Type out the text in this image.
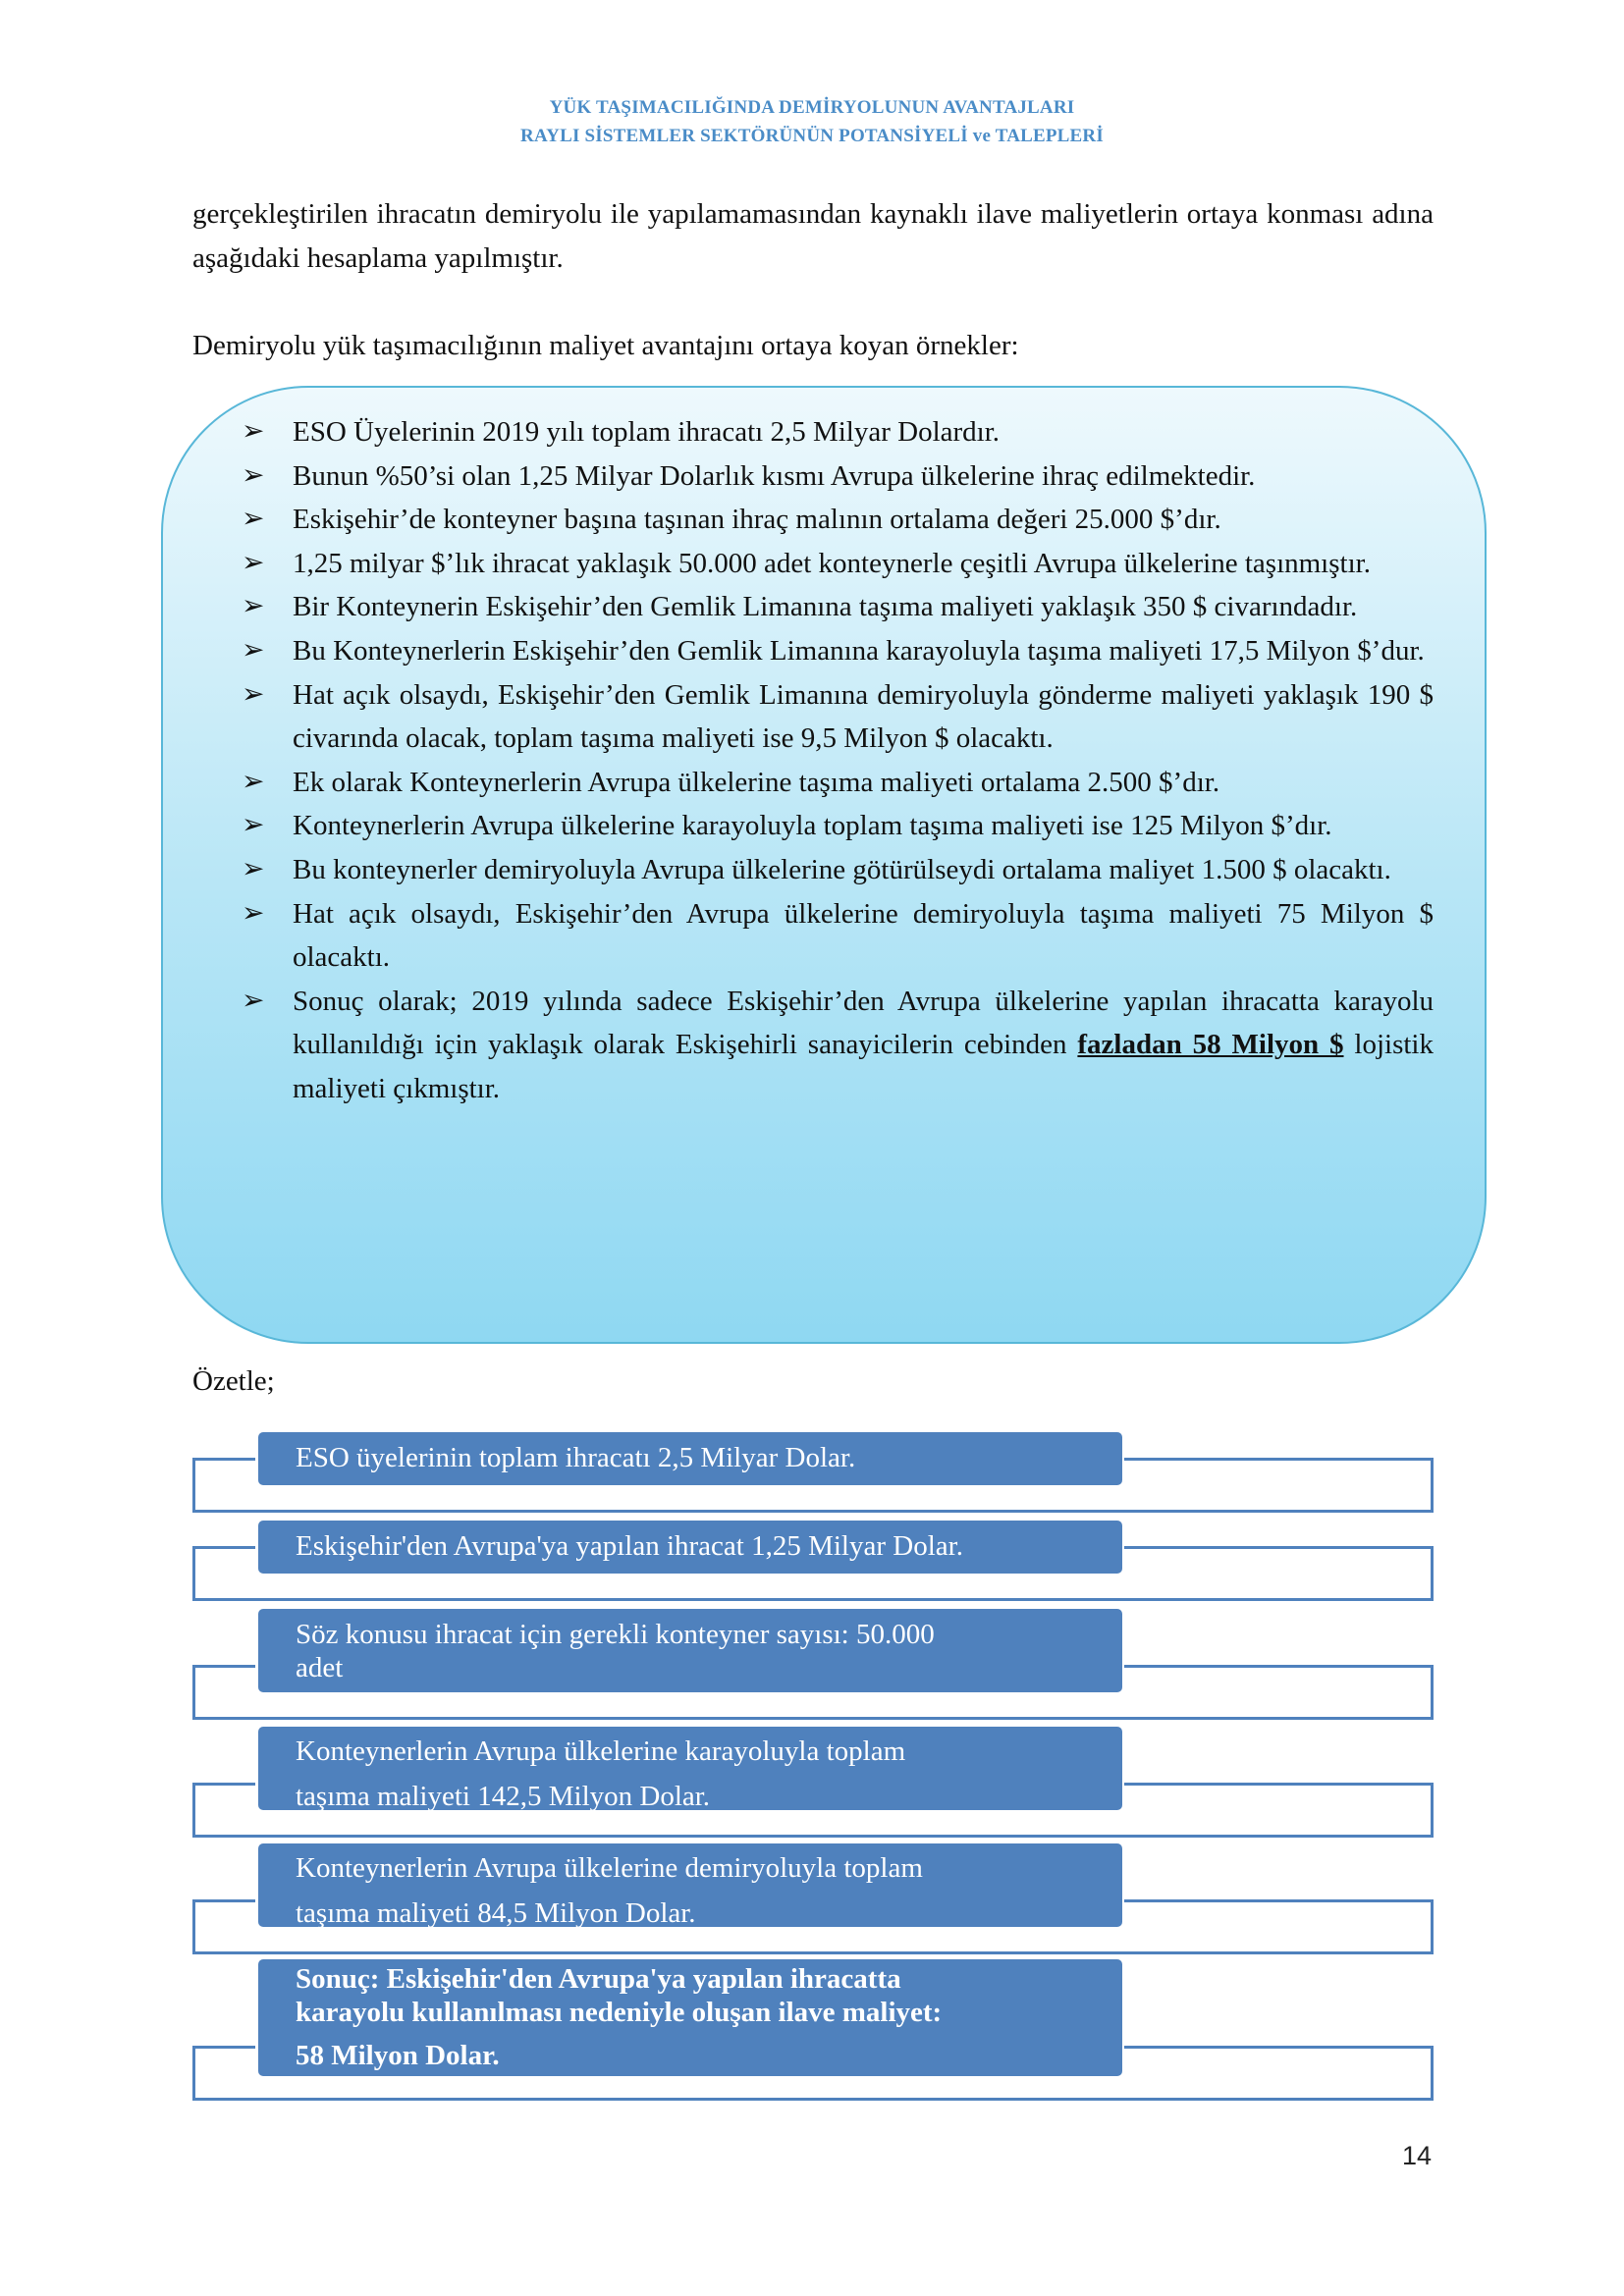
YÜK TAŞIMACILIĞINDA DEMİRYOLUNUN AVANTAJLARI
RAYLI SİSTEMLER SEKTÖRÜNÜN POTANSİYELİ ve TALEPLERİ
gerçekleştirilen ihracatın demiryolu ile yapılamamasından kaynaklı ilave maliyetlerin ortaya konması adına aşağıdaki hesaplama yapılmıştır.
Demiryolu yük taşımacılığının maliyet avantajını ortaya koyan örnekler:
➢ ESO Üyelerinin 2019 yılı toplam ihracatı 2,5 Milyar Dolardır.
➢ Bunun %50’si olan 1,25 Milyar Dolarlık kısmı Avrupa ülkelerine ihraç edilmektedir.
➢ Eskişehir’de konteyner başına taşınan ihraç malının ortalama değeri 25.000 $’dır.
➢ 1,25 milyar $’lık ihracat yaklaşık 50.000 adet konteynerle çeşitli Avrupa ülkelerine taşınmıştır.
➢ Bir Konteynerin Eskişehir’den Gemlik Limanına taşıma maliyeti yaklaşık 350 $ civarındadır.
➢ Bu Konteynerlerin Eskişehir’den Gemlik Limanına karayoluyla taşıma maliyeti 17,5 Milyon $’dur.
➢ Hat açık olsaydı, Eskişehir’den Gemlik Limanına demiryoluyla gönderme maliyeti yaklaşık 190 $ civarında olacak, toplam taşıma maliyeti ise 9,5 Milyon $ olacaktı.
➢ Ek olarak Konteynerlerin Avrupa ülkelerine taşıma maliyeti ortalama 2.500 $’dır.
➢ Konteynerlerin Avrupa ülkelerine karayoluyla toplam taşıma maliyeti ise 125 Milyon $’dır.
➢ Bu konteynerler demiryoluyla Avrupa ülkelerine götürülseydi ortalama maliyet 1.500 $ olacaktı.
➢ Hat açık olsaydı, Eskişehir’den Avrupa ülkelerine demiryoluyla taşıma maliyeti 75 Milyon $ olacaktı.
➢ Sonuç olarak; 2019 yılında sadece Eskişehir’den Avrupa ülkelerine yapılan ihracatta karayolu kullanıldığı için yaklaşık olarak Eskişehirli sanayicilerin cebinden fazladan 58 Milyon $ lojistik maliyeti çıkmıştır.
Özetle;
ESO üyelerinin toplam ihracatı 2,5 Milyar Dolar.
Eskişehir'den Avrupa'ya yapılan ihracat 1,25 Milyar Dolar.
Söz konusu ihracat için gerekli konteyner sayısı: 50.000
adet
Konteynerlerin Avrupa ülkelerine karayoluyla toplam
taşıma maliyeti 142,5 Milyon Dolar.
Konteynerlerin Avrupa ülkelerine demiryoluyla toplam
taşıma maliyeti 84,5 Milyon Dolar.
Sonuç: Eskişehir'den Avrupa'ya yapılan ihracatta
karayolu kullanılması nedeniyle oluşan ilave maliyet:
58 Milyon Dolar.
14
